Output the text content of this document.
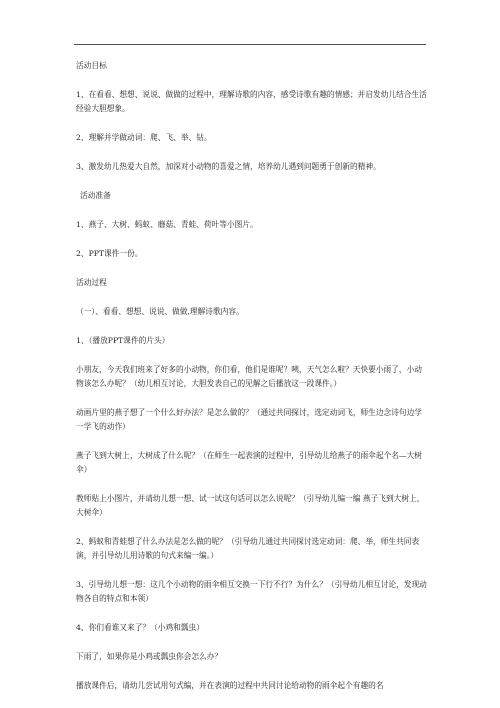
活动目标

1、在看看、想想、说说、做做的过程中，理解诗歌的内容，感受诗歌有趣的情感；并启发幼儿结合生活经验大胆想象。

2、理解并学做动词：爬、飞、举、钻。

3、激发幼儿热爱大自然，加深对小动物的喜爱之情，培养幼儿遇到问题勇于创新的精神。

活动准备

1、燕子、大树、蚂蚁、蘑菇、青蛙、荷叶等小图片。

2、PPT课件一份。

活动过程

（一）、看看、想想、说说、做做,理解诗歌内容。

1、（播放PPT课件的片头）

小朋友，今天我们班来了好多的小动物，你们看，他们是谁呢？咦，天气怎么啦？天快要小雨了，小动物该怎么办呢？（幼儿相互讨论，大胆发表自己的见解之后播放这一段课件。）

动画片里的燕子想了一个什么好办法？是怎么做的？（通过共同探讨，选定动词飞，师生边念诗句边学一学飞的动作）

燕子飞到大树上，大树成了什么呢？（在师生一起表演的过程中，引导幼儿给燕子的雨伞起个名—大树伞）

教师贴上小图片，并请幼儿想一想、试一试这句话可以怎么说呢？（引导幼儿编一编 燕子飞到大树上，大树伞）

2、蚂蚁和青蛙想了什么办法是怎么做的呢？（引导幼儿通过共同探讨选定动词：爬、举，师生共同表演，并引导幼儿用诗歌的句式来编一编。）

3、引导幼儿想一想：这几个小动物的雨伞相互交换一下行不行？为什么？（引导幼儿相互讨论，发现动物各自的特点和本领）

4、你们看谁又来了？（小鸡和瓢虫）

下雨了，如果你是小鸡或瓢虫你会怎么办？

播放课件后，请幼儿尝试用句式编，并在表演的过程中共同讨论给动物的雨伞起个有趣的名
